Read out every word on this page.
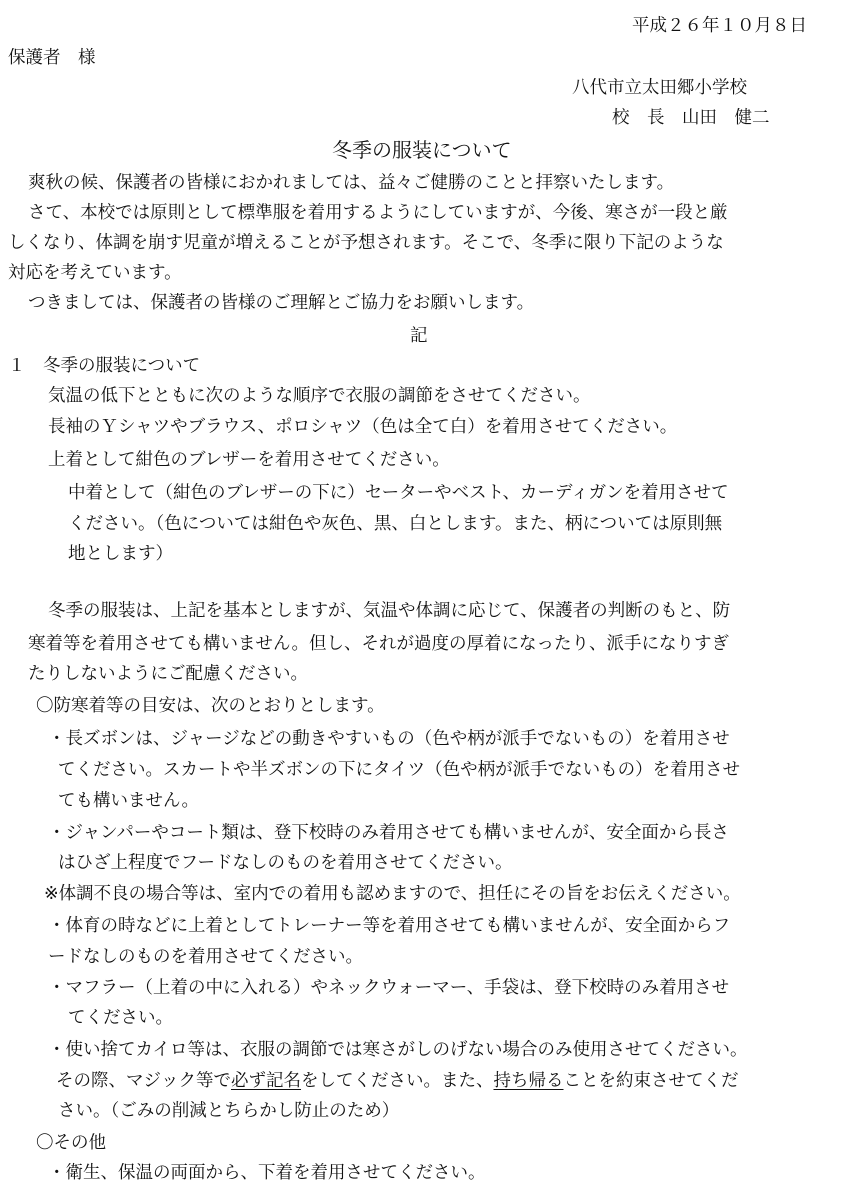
平成２６年１０月８日
保護者　様
八代市立太田郷小学校
校　長　山田　健二
冬季の服装について
爽秋の候、保護者の皆様におかれましては、益々ご健勝のことと拝察いたします。
さて、本校では原則として標準服を着用するようにしていますが、今後、寒さが一段と厳
しくなり、体調を崩す児童が増えることが予想されます。そこで、冬季に限り下記のような
対応を考えています。
つきましては、保護者の皆様のご理解とご協力をお願いします。
記
１　冬季の服装について
気温の低下とともに次のような順序で衣服の調節をさせてください。
長袖のＹシャツやブラウス、ポロシャツ（色は全て白）を着用させてください。
上着として紺色のブレザーを着用させてください。
中着として（紺色のブレザーの下に）セーターやベスト、カーディガンを着用させて
ください。（色については紺色や灰色、黒、白とします。また、柄については原則無
地とします）
冬季の服装は、上記を基本としますが、気温や体調に応じて、保護者の判断のもと、防
寒着等を着用させても構いません。但し、それが過度の厚着になったり、派手になりすぎ
たりしないようにご配慮ください。
〇防寒着等の目安は、次のとおりとします。
・長ズボンは、ジャージなどの動きやすいもの（色や柄が派手でないもの）を着用させ
てください。スカートや半ズボンの下にタイツ（色や柄が派手でないもの）を着用させ
ても構いません。
・ジャンパーやコート類は、登下校時のみ着用させても構いませんが、安全面から長さ
はひざ上程度でフードなしのものを着用させてください。
※体調不良の場合等は、室内での着用も認めますので、担任にその旨をお伝えください。
・体育の時などに上着としてトレーナー等を着用させても構いませんが、安全面からフ
ードなしのものを着用させてください。
・マフラー（上着の中に入れる）やネックウォーマー、手袋は、登下校時のみ着用させ
てください。
・使い捨てカイロ等は、衣服の調節では寒さがしのげない場合のみ使用させてください。
その際、マジック等で必ず記名をしてください。また、持ち帰ることを約束させてくだ
さい。（ごみの削減とちらかし防止のため）
〇その他
・衛生、保温の両面から、下着を着用させてください。
